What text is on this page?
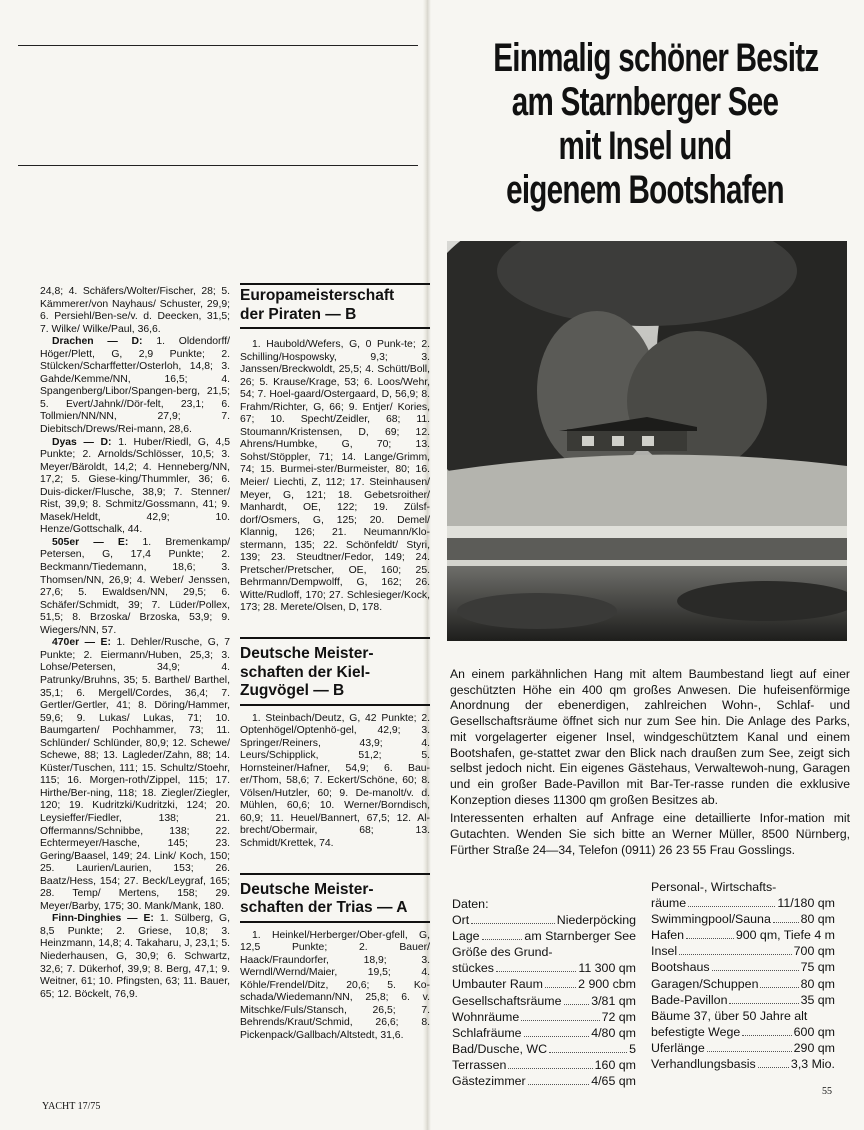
24,8; 4. Schäfers/Wolter/Fischer, 28; 5. Kämmerer/von Nayhaus/ Schuster, 29,9; 6. Persiehl/Ben-se/v. d. Deecken, 31,5; 7. Wilke/ Wilke/Paul, 36,6.

Drachen — D: 1. Oldendorff/ Höger/Plett, G, 2,9 Punkte; 2. Stülcken/Scharffetter/Osterloh, 14,8; 3. Gahde/Kemme/NN, 16,5; 4. Spangenberg/Libor/Spangen-berg, 21,5; 5. Evert/Jahnk//Dör-felt, 23,1; 6. Tollmien/NN/NN, 27,9; 7. Diebitsch/Drews/Rei-mann, 28,6.

Dyas — D: 1. Huber/Riedl, G, 4,5 Punkte; 2. Arnolds/Schlösser, 10,5; 3. Meyer/Bäroldt, 14,2; 4. Henneberg/NN, 17,2; 5. Giese-king/Thummler, 36; 6. Duis-dicker/Flusche, 38,9; 7. Stenner/ Rist, 39,9; 8. Schmitz/Gossmann, 41; 9. Masek/Heldt, 42,9; 10. Henze/Gottschalk, 44.

505er — E: 1. Bremenkamp/ Petersen, G, 17,4 Punkte; 2. Beckmann/Tiedemann, 18,6; 3. Thomsen/NN, 26,9; 4. Weber/ Jenssen, 27,6; 5. Ewaldsen/NN, 29,5; 6. Schäfer/Schmidt, 39; 7. Lüder/Pollex, 51,5; 8. Brzoska/ Brzoska, 53,9; 9. Wiegers/NN, 57.

470er — E: 1. Dehler/Rusche, G, 7 Punkte; 2. Eiermann/Huben, 25,3; 3. Lohse/Petersen, 34,9; 4. Patrunky/Bruhns, 35; 5. Barthel/ Barthel, 35,1; 6. Mergell/Cordes, 36,4; 7. Gertler/Gertler, 41; 8. Döring/Hammer, 59,6; 9. Lukas/ Lukas, 71; 10. Baumgarten/ Pochhammer, 73; 11. Schlünder/ Schlünder, 80,9; 12. Schewe/ Schewe, 88; 13. Lagleder/Zahn, 88; 14. Küster/Tuschen, 111; 15. Schultz/Stoehr, 115; 16. Morgen-roth/Zippel, 115; 17. Hirthe/Ber-ning, 118; 18. Ziegler/Ziegler, 120; 19. Kudritzki/Kudritzki, 124; 20. Leysieffer/Fiedler, 138; 21. Offermanns/Schnibbe, 138; 22. Echtermeyer/Hasche, 145; 23. Gering/Baasel, 149; 24. Link/ Koch, 150; 25. Laurien/Laurien, 153; 26. Baatz/Hess, 154; 27. Beck/Leygraf, 165; 28. Temp/ Mertens, 158; 29. Meyer/Barby, 175; 30. Mank/Mank, 180.

Finn-Dinghies — E: 1. Sülberg, G, 8,5 Punkte; 2. Griese, 10,8; 3. Heinzmann, 14,8; 4. Takaharu, J, 23,1; 5. Niederhausen, G, 30,9; 6. Schwartz, 32,6; 7. Dükerhof, 39,9; 8. Berg, 47,1; 9. Weitner, 61; 10. Pfingsten, 63; 11. Bauer, 65; 12. Böckelt, 76,9.

Europameisterschaft
der Piraten — B

1. Haubold/Wefers, G, 0 Punk-te; 2. Schilling/Hospowsky, 9,3; 3. Janssen/Breckwoldt, 25,5; 4. Schütt/Boll, 26; 5. Krause/Krage, 53; 6. Loos/Wehr, 54; 7. Hoel-gaard/Ostergaard, D, 56,9; 8. Frahm/Richter, G, 66; 9. Entjer/ Kories, 67; 10. Specht/Zeidler, 68; 11. Stoumann/Kristensen, D, 69; 12. Ahrens/Humbke, G, 70; 13. Sohst/Stöppler, 71; 14. Lange/Grimm, 74; 15. Burmei-ster/Burmeister, 80; 16. Meier/ Liechti, Z, 112; 17. Steinhausen/ Meyer, G, 121; 18. Gebetsroither/ Manhardt, OE, 122; 19. Zülsf-dorf/Osmers, G, 125; 20. Demel/ Klannig, 126; 21. Neumann/Klo-stermann, 135; 22. Schönfeldt/ Styri, 139; 23. Steudtner/Fedor, 149; 24. Pretscher/Pretscher, OE, 160; 25. Behrmann/Dempwolff, G, 162; 26. Witte/Rudloff, 170; 27. Schlesieger/Kock, 173; 28. Merete/Olsen, D, 178.

Deutsche Meister-
schaften der Kiel-
Zugvögel — B

1. Steinbach/Deutz, G, 42 Punkte; 2. Optenhögel/Optenhö-gel, 42,9; 3. Springer/Reiners, 43,9; 4. Leurs/Schipplick, 51,2; 5. Hornsteiner/Hafner, 54,9; 6. Bau-er/Thom, 58,6; 7. Eckert/Schöne, 60; 8. Völsen/Hutzler, 60; 9. De-manolt/v. d. Mühlen, 60,6; 10. Werner/Borndisch, 60,9; 11. Heuel/Bannert, 67,5; 12. Al-brecht/Obermair, 68; 13. Schmidt/Krettek, 74.

Deutsche Meister-
schaften der Trias — A

1. Heinkel/Herberger/Ober-gfell, G, 12,5 Punkte; 2. Bauer/ Haack/Fraundorfer, 18,9; 3. Werndl/Wernd/Maier, 19,5; 4. Köhle/Frendel/Ditz, 20,6; 5. Ko-schada/Wiedemann/NN, 25,8; 6. v. Mitschke/Fuls/Stansch, 26,5; 7. Behrends/Kraut/Schmid, 26,6; 8. Pickenpack/Gallbach/Altstedt, 31,6.

Einmalig schöner Besitz
am Starnberger See
mit Insel und
eigenem Bootshafen

An einem parkähnlichen Hang mit altem Baumbestand liegt auf einer geschützten Höhe ein 400 qm großes Anwesen. Die hufeisenförmige Anordnung der ebenerdigen, zahlreichen Wohn-, Schlaf- und Gesellschaftsräume öffnet sich nur zum See hin. Die Anlage des Parks, mit vorgelagerter eigener Insel, windgeschütztem Kanal und einem Bootshafen, ge-stattet zwar den Blick nach draußen zum See, zeigt sich selbst jedoch nicht. Ein eigenes Gästehaus, Verwaltewoh-nung, Garagen und ein großer Bade-Pavillon mit Bar-Ter-rasse runden die exklusive Konzeption dieses 11300 qm großen Besitzes ab.

Interessenten erhalten auf Anfrage eine detaillierte Infor-mation mit Gutachten. Wenden Sie sich bitte an Werner Müller, 8500 Nürnberg, Fürther Straße 24—34, Telefon (0911) 26 23 55 Frau Gosslings.

Daten:
Ort	Niederpöcking
Lage	am Starnberger See
Größe des Grund-
stückes	11 300 qm
Umbauter Raum	2 900 cbm
Gesellschaftsräume 3/81 qm
Wohnräume	72 qm
Schlafräume	4/80 qm
Bad/Dusche, WC	5
Terrassen	160 qm
Gästezimmer	4/65 qm
Personal-, Wirtschafts-
räume	11/180 qm
Swimmingpool/Sauna 80 qm
Hafen	900 qm, Tiefe 4 m
Insel	700 qm
Bootshaus	75 qm
Garagen/Schuppen	80 qm
Bade-Pavillon	35 qm
Bäume 37, über 50 Jahre alt
befestigte Wege	600 qm
Uferlänge	290 qm
Verhandlungsbasis	3,3 Mio.
YACHT 17/75
55
